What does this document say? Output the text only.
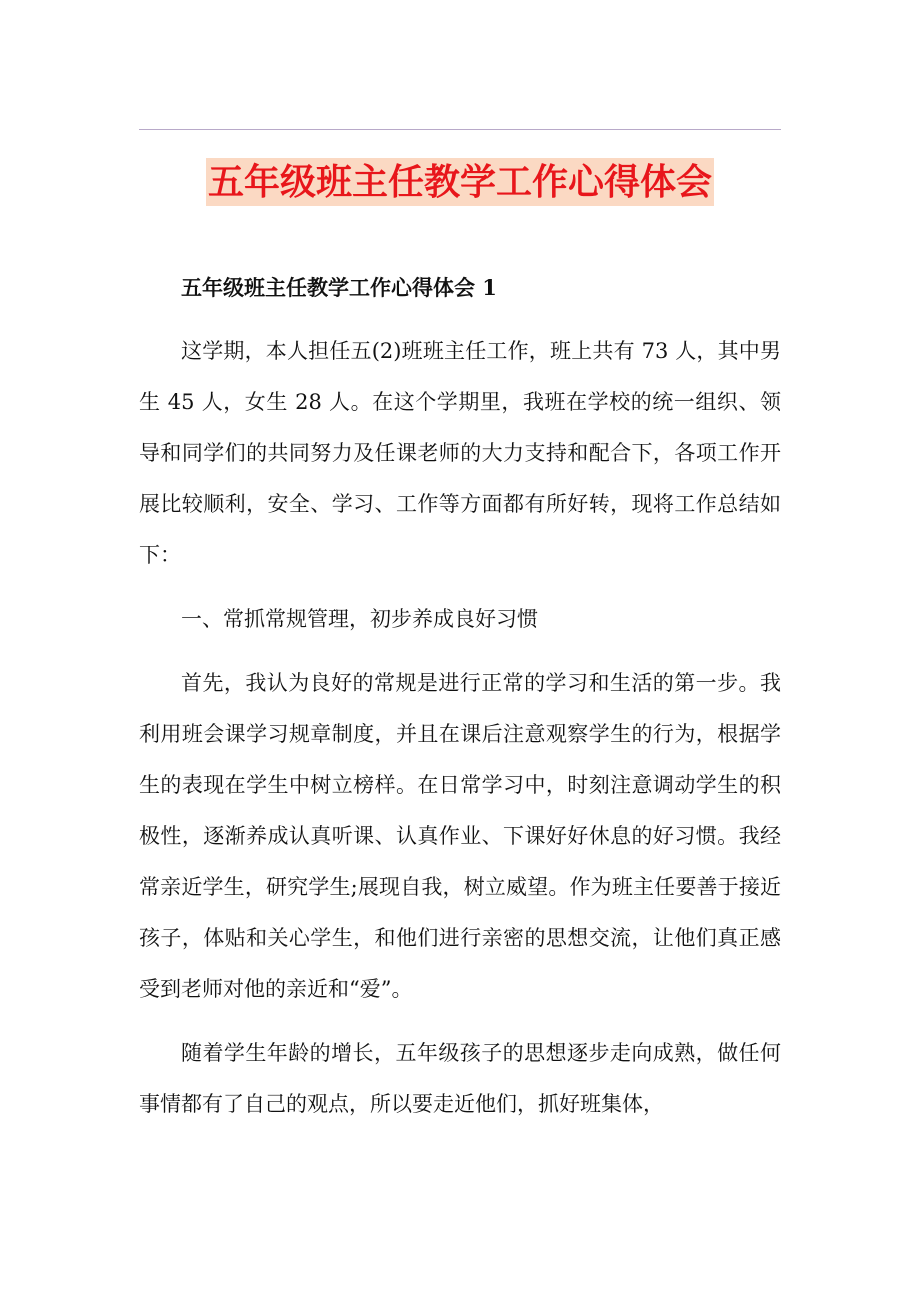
五年级班主任教学工作心得体会

五年级班主任教学工作心得体会 1

这学期，本人担任五(2)班班主任工作，班上共有 73 人，其中男生 45 人，女生 28 人。在这个学期里，我班在学校的统一组织、领导和同学们的共同努力及任课老师的大力支持和配合下，各项工作开展比较顺利，安全、学习、工作等方面都有所好转，现将工作总结如下：

一、常抓常规管理，初步养成良好习惯

首先，我认为良好的常规是进行正常的学习和生活的第一步。我利用班会课学习规章制度，并且在课后注意观察学生的行为，根据学生的表现在学生中树立榜样。在日常学习中，时刻注意调动学生的积极性，逐渐养成认真听课、认真作业、下课好好休息的好习惯。我经常亲近学生，研究学生;展现自我，树立威望。作为班主任要善于接近孩子，体贴和关心学生，和他们进行亲密的思想交流，让他们真正感受到老师对他的亲近和“爱”。

随着学生年龄的增长，五年级孩子的思想逐步走向成熟，做任何事情都有了自己的观点，所以要走近他们，抓好班集体，
